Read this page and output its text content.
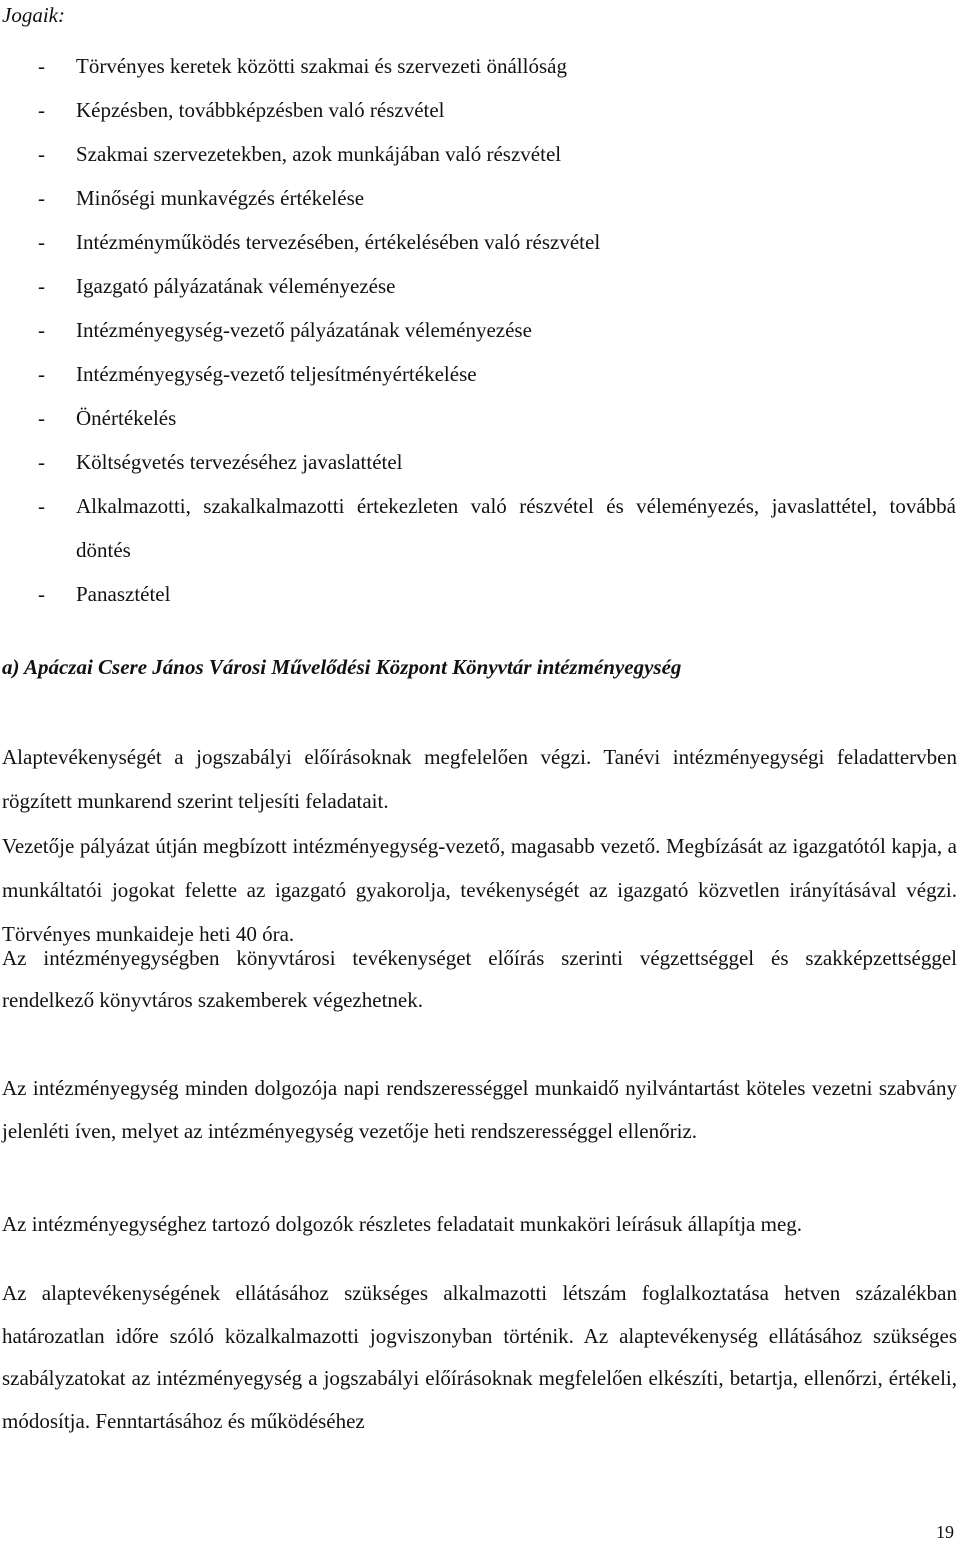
Jogaik:
- Törvényes keretek közötti szakmai és szervezeti önállóság
- Képzésben, továbbképzésben való részvétel
- Szakmai szervezetekben, azok munkájában való részvétel
- Minőségi munkavégzés értékelése
- Intézményműködés tervezésében, értékelésében való részvétel
- Igazgató pályázatának véleményezése
- Intézményegység-vezető pályázatának véleményezése
- Intézményegység-vezető teljesítményértékelése
- Önértékelés
- Költségvetés tervezéséhez javaslattétel
- Alkalmazotti, szakalkalmazotti értekezleten való részvétel és véleményezés, javaslattétel, továbbá döntés
- Panasztétel
a) Apáczai Csere János Városi Művelődési Központ Könyvtár intézményegység

Alaptevékenységét a jogszabályi előírásoknak megfelelően végzi. Tanévi intézményegységi feladattervben rögzített munkarend szerint teljesíti feladatait.

Vezetője pályázat útján megbízott intézményegység-vezető, magasabb vezető. Megbízását az igazgatótól kapja, a munkáltatói jogokat felette az igazgató gyakorolja, tevékenységét az igazgató közvetlen irányításával végzi. Törvényes munkaideje heti 40 óra.

Az intézményegységben könyvtárosi tevékenységet előírás szerinti végzettséggel és szakképzettséggel rendelkező könyvtáros szakemberek végezhetnek.

Az intézményegység minden dolgozója napi rendszerességgel munkaidő nyilvántartást köteles vezetni szabvány jelenléti íven, melyet az intézményegység vezetője heti rendszerességgel ellenőriz.

Az intézményegységhez tartozó dolgozók részletes feladatait munkaköri leírásuk állapítja meg.

Az alaptevékenységének ellátásához szükséges alkalmazotti létszám foglalkoztatása hetven százalékban határozatlan időre szóló közalkalmazotti jogviszonyban történik. Az alaptevékenység ellátásához szükséges szabályzatokat az intézményegység a jogszabályi előírásoknak megfelelően elkészíti, betartja, ellenőrzi, értékeli, módosítja. Fenntartásához és működéséhez

19
